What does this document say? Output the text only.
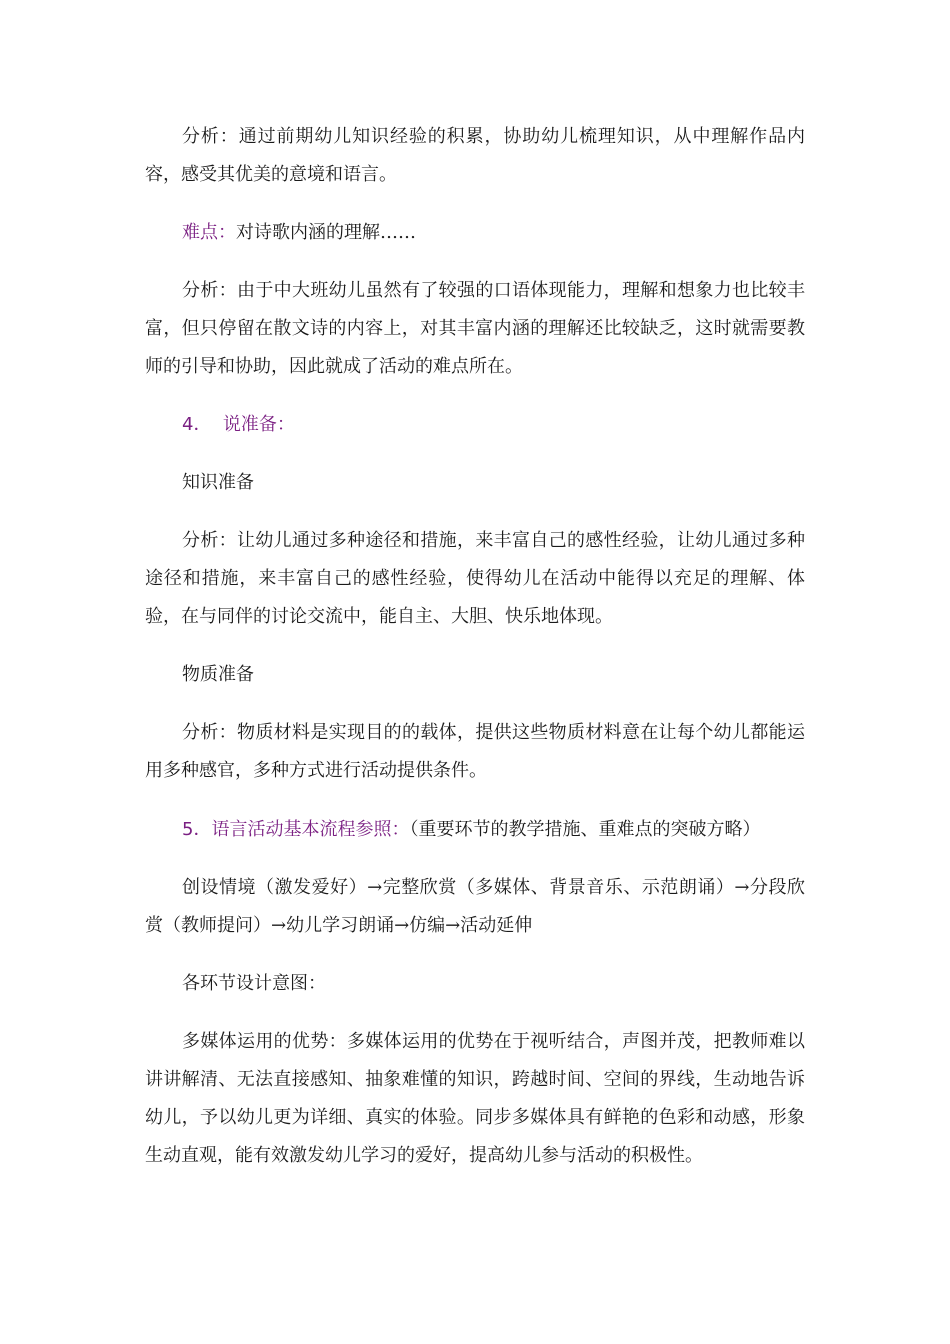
分析：通过前期幼儿知识经验的积累，协助幼儿梳理知识，从中理解作品内容，感受其优美的意境和语言。

难点：对诗歌内涵的理解……

分析：由于中大班幼儿虽然有了较强的口语体现能力，理解和想象力也比较丰富，但只停留在散文诗的内容上，对其丰富内涵的理解还比较缺乏，这时就需要教师的引导和协助，因此就成了活动的难点所在。

4． 说准备：

知识准备

分析：让幼儿通过多种途径和措施，来丰富自己的感性经验，让幼儿通过多种途径和措施，来丰富自己的感性经验，使得幼儿在活动中能得以充足的理解、体验，在与同伴的讨论交流中，能自主、大胆、快乐地体现。

物质准备

分析：物质材料是实现目的的载体，提供这些物质材料意在让每个幼儿都能运用多种感官，多种方式进行活动提供条件。

5．语言活动基本流程参照：（重要环节的教学措施、重难点的突破方略）

创设情境（激发爱好）→完整欣赏（多媒体、背景音乐、示范朗诵）→分段欣赏（教师提问）→幼儿学习朗诵→仿编→活动延伸

各环节设计意图：

多媒体运用的优势：多媒体运用的优势在于视听结合，声图并茂，把教师难以讲讲解清、无法直接感知、抽象难懂的知识，跨越时间、空间的界线，生动地告诉幼儿，予以幼儿更为详细、真实的体验。同步多媒体具有鲜艳的色彩和动感，形象生动直观，能有效激发幼儿学习的爱好，提高幼儿参与活动的积极性。
